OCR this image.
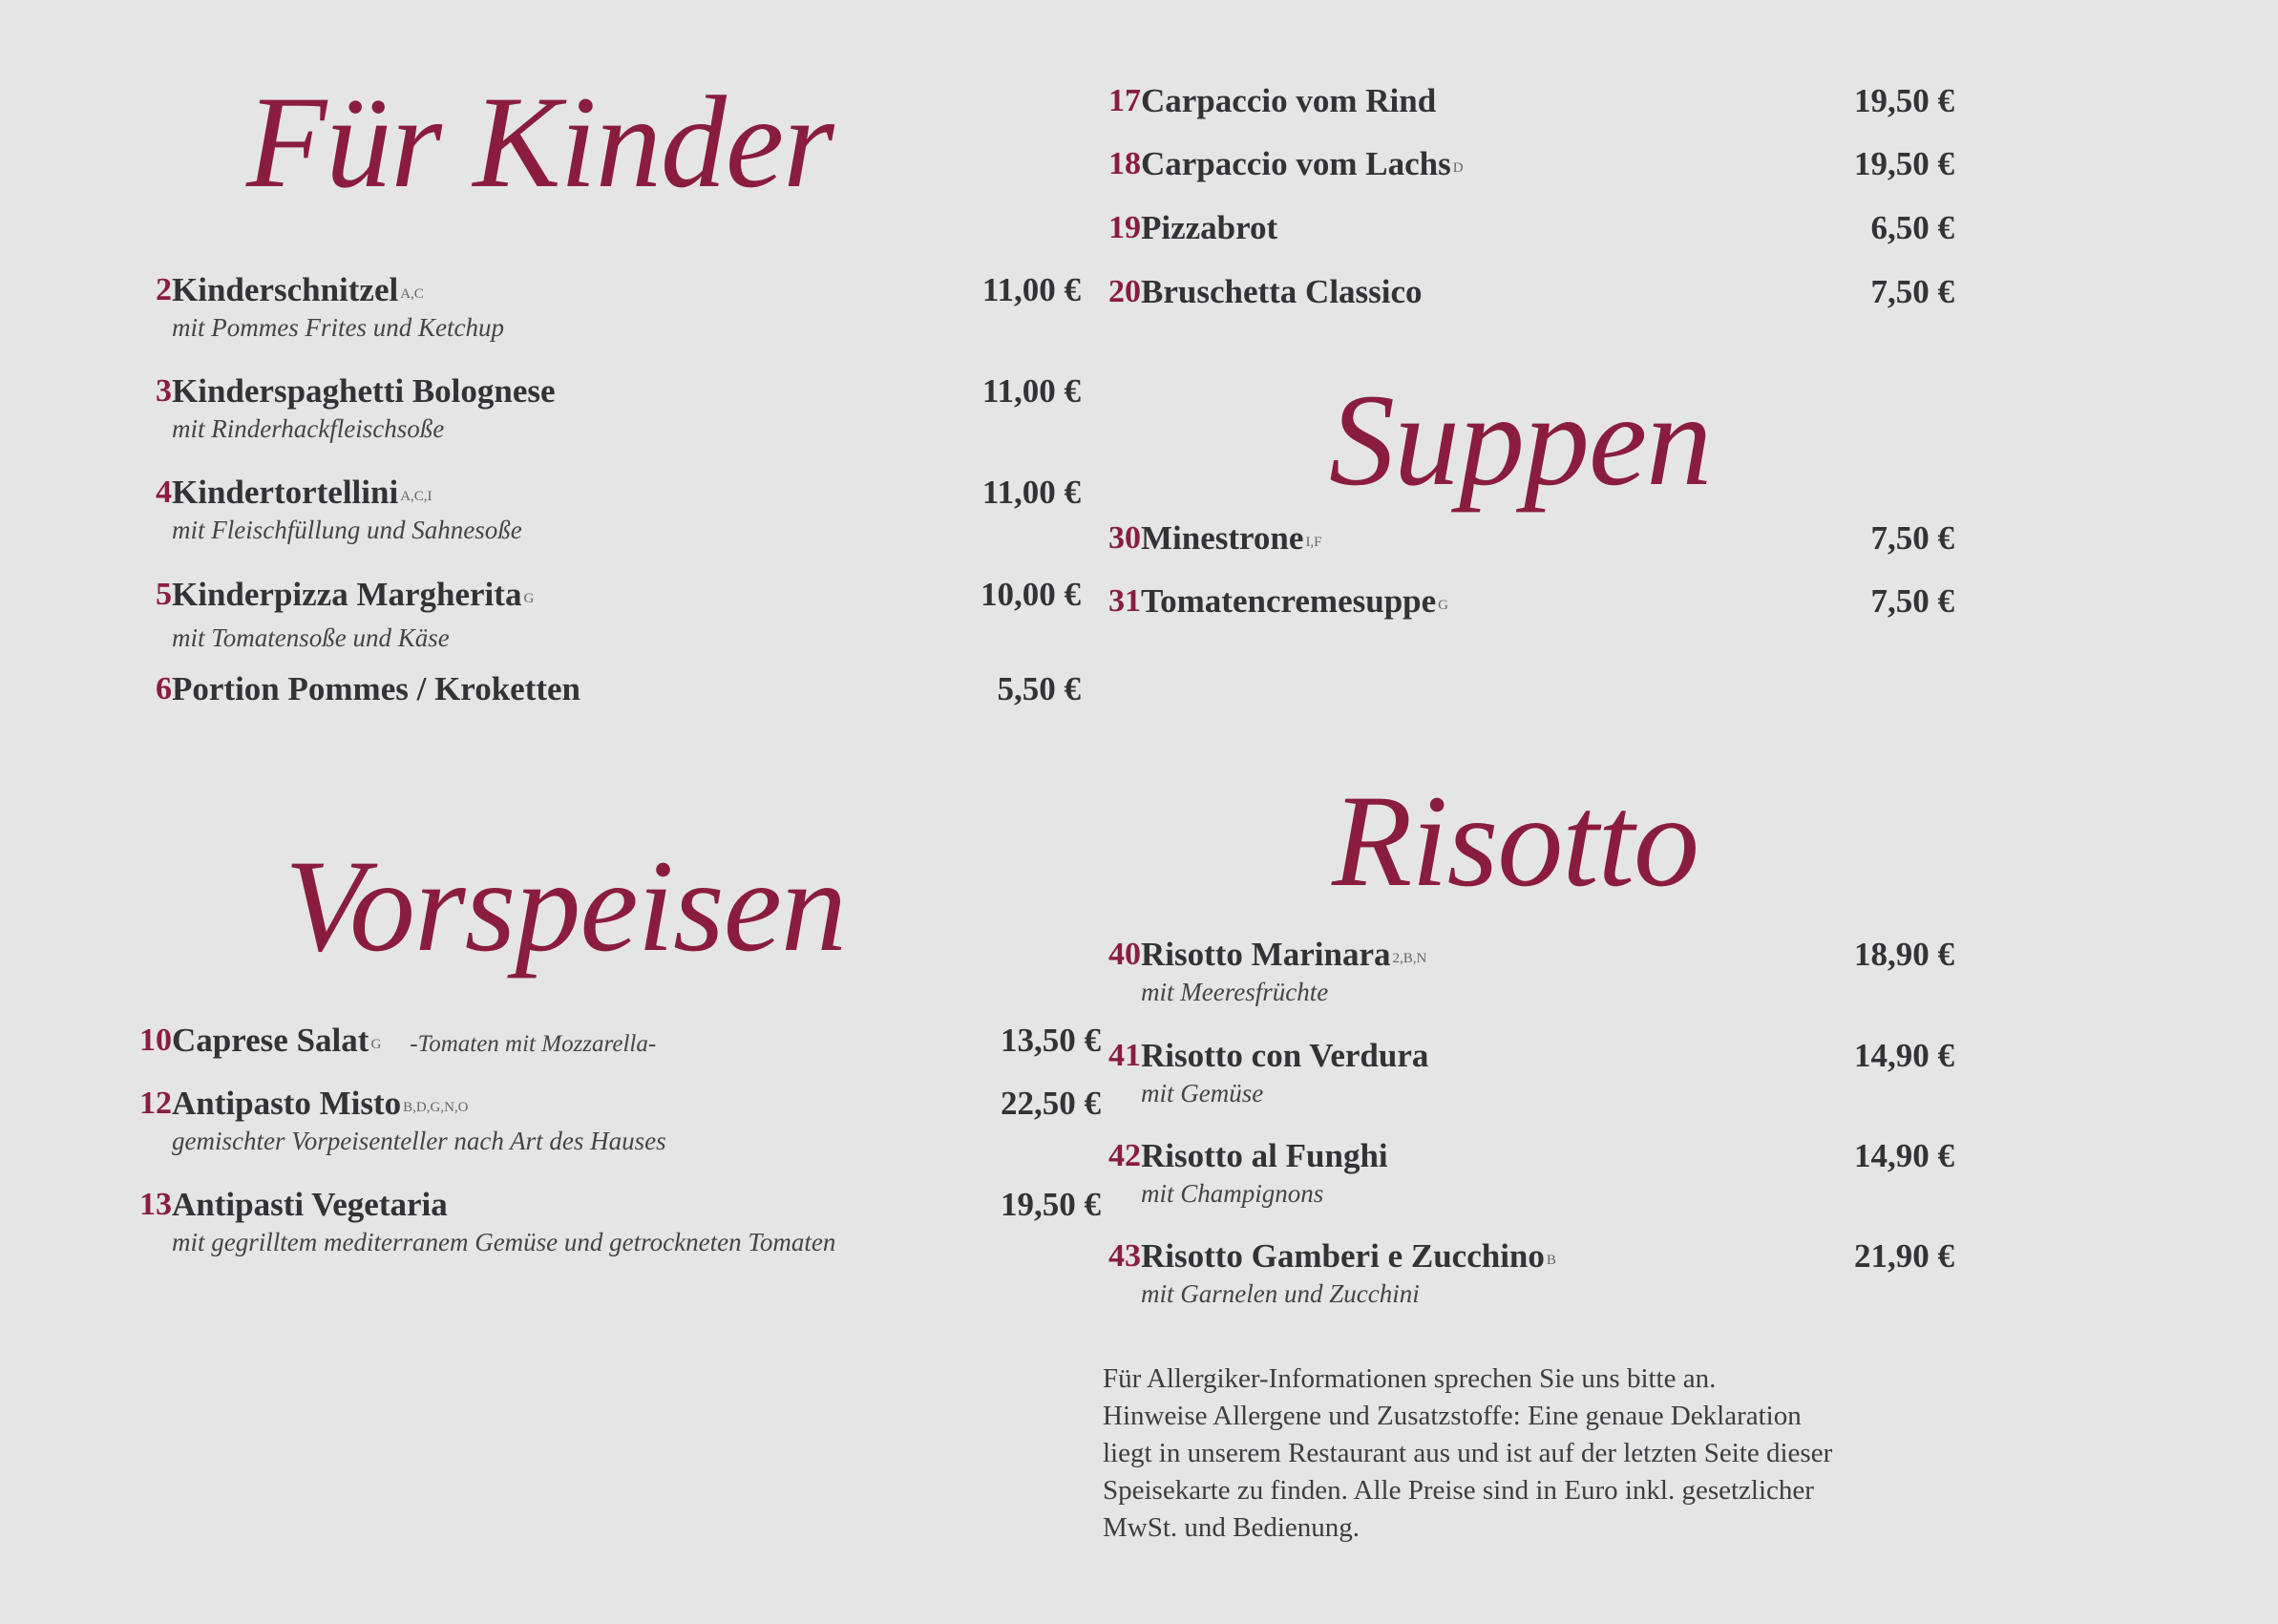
Für Kinder
2 Kinderschnitzel $^{A,C}$	11,00 €
mit Pommes Frites und Ketchup
3 Kinderspaghetti Bolognese	11,00 €
mit Rinderhackfleischsoße
4 Kindertortellini $^{A,C,I}$	11,00 €
mit Fleischfüllung und Sahnesoße
5 Kinderpizza Margherita $^G$	10,00 €
mit Tomatensoße und Käse
6 Portion Pommes / Kroketten	5,50 €
Vorspeisen
10 Caprese Salat $^G$ -Tomaten mit Mozzarella-	13,50 €
12 Antipasto Misto $^{B,D,G,N,O}$	22,50 €
gemischter Vorpeisenteller nach Art des Hauses
13 Antipasti Vegetaria	19,50 €
mit gegrilltem mediterranem Gemüse und getrockneten Tomaten
17 Carpaccio vom Rind	19,50 €
18 Carpaccio vom Lachs $^D$	19,50 €
19 Pizzabrot	6,50 €
20 Bruschetta Classico	7,50 €
Suppen
30 Minestrone $^{I,F}$	7,50 €
31 Tomatencremesuppe $^G$	7,50 €
Risotto
40 Risotto Marinara $^{2,B,N}$	18,90 €
mit Meeresfrüchte
41 Risotto con Verdura	14,90 €
mit Gemüse
42 Risotto al Funghi	14,90 €
mit Champignons
43 Risotto Gamberi e Zucchino $^B$	21,90 €
mit Garnelen und Zucchini
Für Allergiker-Informationen sprechen Sie uns bitte an.
Hinweise Allergene und Zusatzstoffe: Eine genaue Deklaration
liegt in unserem Restaurant aus und ist auf der letzten Seite dieser
Speisekarte zu finden. Alle Preise sind in Euro inkl. gesetzlicher
MwSt. und Bedienung.
